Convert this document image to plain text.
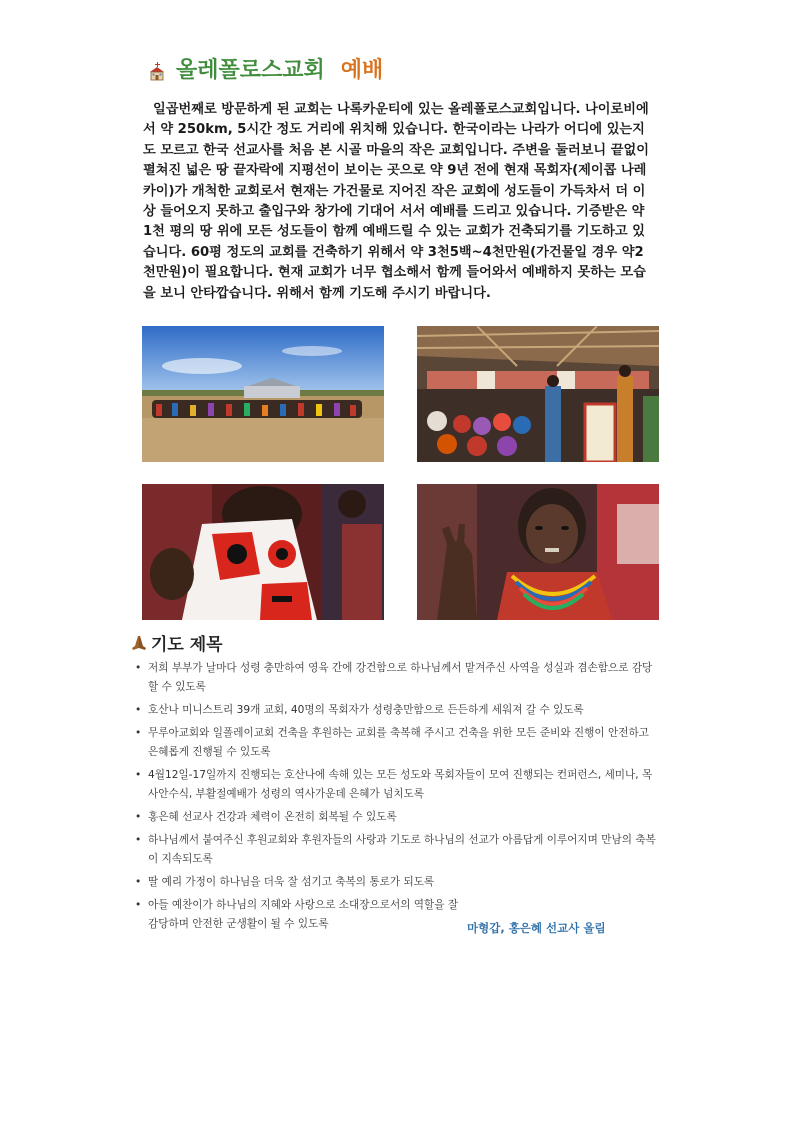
올레폴로스교회 예배
일곱번째로 방문하게 된 교회는 나록카운티에 있는 올레폴로스교회입니다. 나이로비에서 약 250km, 5시간 정도 거리에 위치해 있습니다. 한국이라는 나라가 어디에 있는지도 모르고 한국 선교사를 처음 본 시골 마을의 작은 교회입니다. 주변을 둘러보니 끝없이 펼쳐진 넓은 땅 끝자락에 지평선이 보이는 곳으로 약 9년 전에 현재 목회자(제이콥 나레카이)가 개척한 교회로서 현재는 가건물로 지어진 작은 교회에 성도들이 가득차서 더 이상 들어오지 못하고 출입구와 창가에 기대어 서서 예배를 드리고 있습니다. 기증받은 약 1천 평의 땅 위에 모든 성도들이 함께 예배드릴 수 있는 교회가 건축되기를 기도하고 있습니다. 60평 정도의 교회를 건축하기 위해서 약 3천5백~4천만원(가건물일 경우 약2천만원)이 필요합니다. 현재 교회가 너무 협소해서 함께 들어와서 예배하지 못하는 모습을 보니 안타깝습니다. 위해서 함께 기도해 주시기 바랍니다.
기도 제목
• 저희 부부가 날마다 성령 충만하여 영육 간에 강건함으로 하나님께서 맡겨주신 사역을 성실과 겸손함으로 감당할 수 있도록
• 호산나 미니스트리 39개 교회, 40명의 목회자가 성령충만함으로 든든하게 세워져 갈 수 있도록
• 무루아교회와 일폴레이교회 건축을 후원하는 교회를 축복해 주시고 건축을 위한 모든 준비와 진행이 안전하고 은혜롭게 진행될 수 있도록
• 4월12일-17일까지 진행되는 호산나에 속해 있는 모든 성도와 목회자들이 모여 진행되는 컨퍼런스, 세미나, 목사안수식, 부활절예배가 성령의 역사가운데 은혜가 넘치도록
• 홍은혜 선교사 건강과 체력이 온전히 회복될 수 있도록
• 하나님께서 붙여주신 후원교회와 후원자들의 사랑과 기도로 하나님의 선교가 아름답게 이루어지며 만남의 축복이 지속되도록
• 딸 예리 가정이 하나님을 더욱 잘 섬기고 축복의 통로가 되도록
• 아들 예찬이가 하나님의 지혜와 사랑으로 소대장으로서의 역할을 잘 감당하며 안전한 군생활이 될 수 있도록	마형갑, 홍은혜 선교사 올림
